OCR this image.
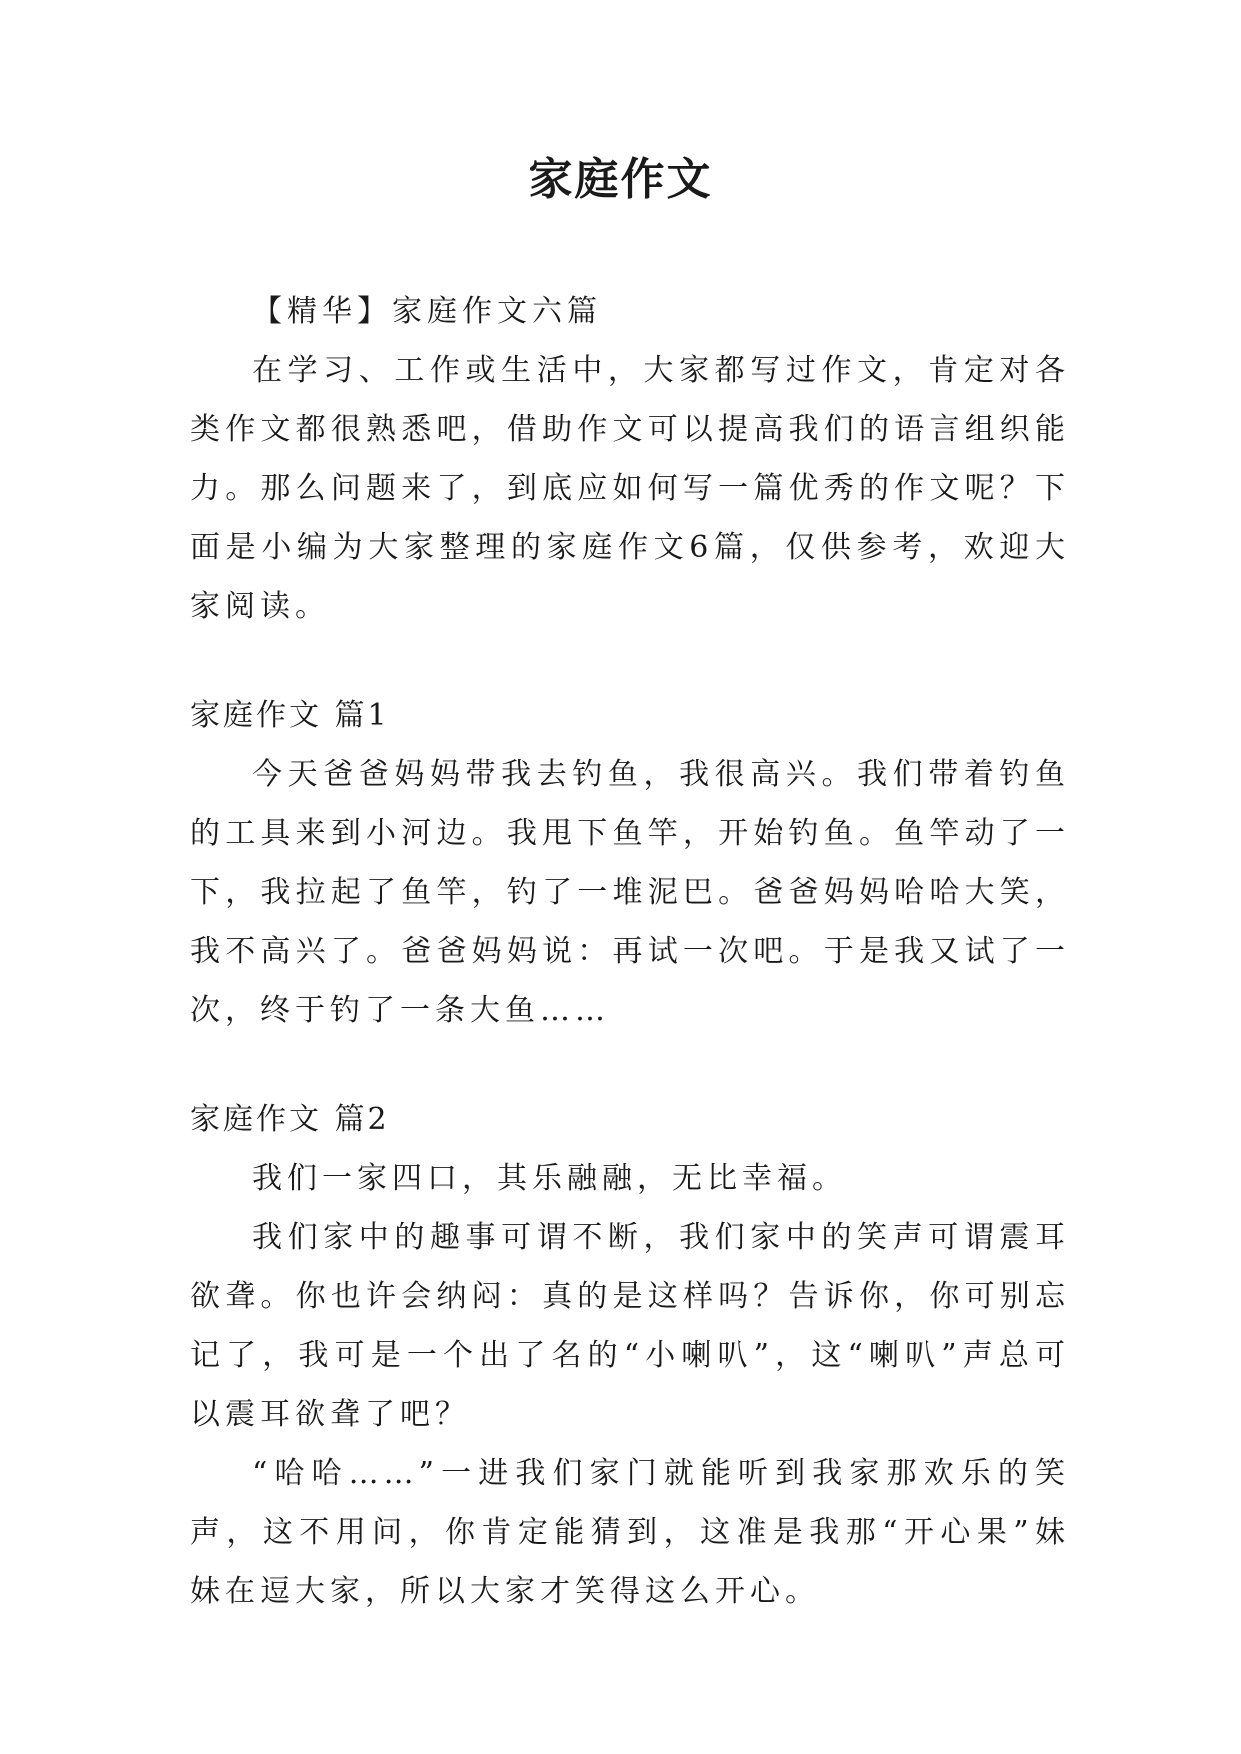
家庭作文

【精华】家庭作文六篇

在学习、工作或生活中，大家都写过作文，肯定对各类作文都很熟悉吧，借助作文可以提高我们的语言组织能力。那么问题来了，到底应如何写一篇优秀的作文呢？下面是小编为大家整理的家庭作文6篇，仅供参考，欢迎大家阅读。

家庭作文 篇1

今天爸爸妈妈带我去钓鱼，我很高兴。我们带着钓鱼的工具来到小河边。我甩下鱼竿，开始钓鱼。鱼竿动了一下，我拉起了鱼竿，钓了一堆泥巴。爸爸妈妈哈哈大笑，我不高兴了。爸爸妈妈说：再试一次吧。于是我又试了一次，终于钓了一条大鱼……

家庭作文 篇2

我们一家四口，其乐融融，无比幸福。

我们家中的趣事可谓不断，我们家中的笑声可谓震耳欲聋。你也许会纳闷：真的是这样吗？告诉你，你可别忘记了，我可是一个出了名的“小喇叭”，这“喇叭”声总可以震耳欲聋了吧？

“哈哈……”一进我们家门就能听到我家那欢乐的笑声，这不用问，你肯定能猜到，这准是我那“开心果”妹妹在逗大家，所以大家才笑得这么开心。
